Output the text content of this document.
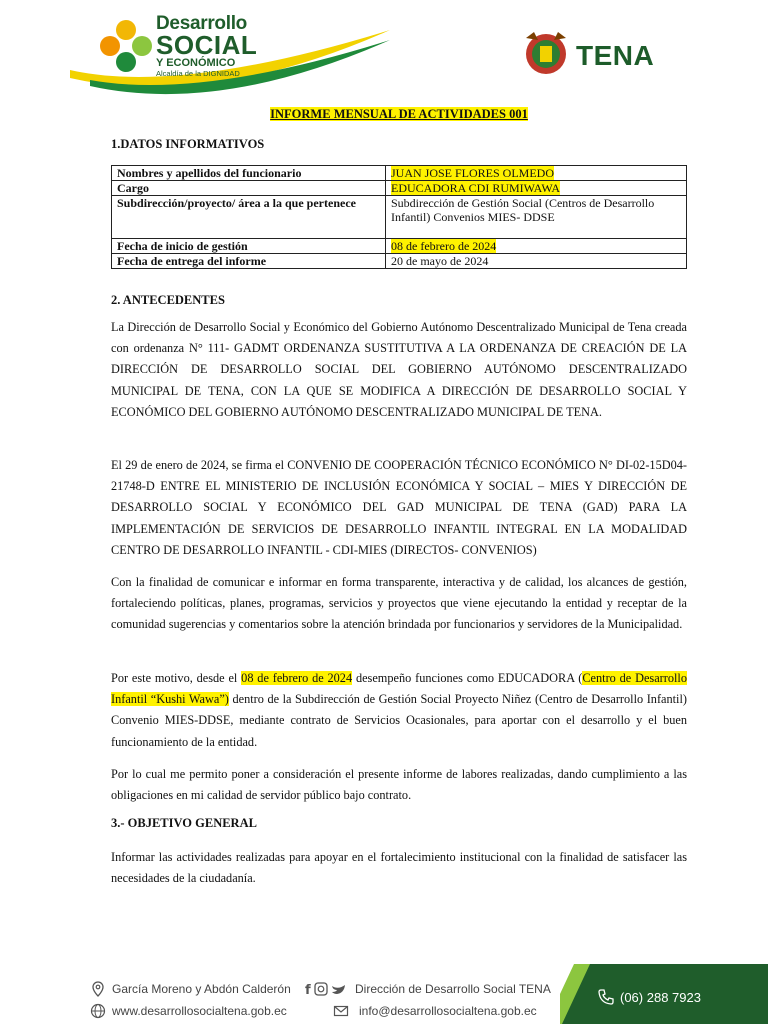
Desarrollo
SOCIAL
Y ECONÓMICO
Alcaldía de la DIGNIDAD
TENA
INFORME MENSUAL DE ACTIVIDADES 001
1.DATOS INFORMATIVOS
Nombres y apellidos del funcionario	JUAN JOSE FLORES OLMEDO
Cargo	EDUCADORA CDI RUMIWAWA
Subdirección/proyecto/ área a la que pertenece	Subdirección de Gestión Social (Centros de Desarrollo Infantil) Convenios MIES- DDSE
Fecha de inicio de gestión	08 de febrero de 2024
Fecha de entrega del informe	20 de mayo de 2024
2. ANTECEDENTES

La Dirección de Desarrollo Social y Económico del Gobierno Autónomo Descentralizado Municipal de Tena creada con ordenanza N° 111- GADMT ORDENANZA SUSTITUTIVA A LA ORDENANZA DE CREACIÓN DE LA DIRECCIÓN DE DESARROLLO SOCIAL DEL GOBIERNO AUTÓNOMO DESCENTRALIZADO MUNICIPAL DE TENA, CON LA QUE SE MODIFICA A DIRECCIÓN DE DESARROLLO SOCIAL Y ECONÓMICO DEL GOBIERNO AUTÓNOMO DESCENTRALIZADO MUNICIPAL DE TENA.

El 29 de enero de 2024, se firma el CONVENIO DE COOPERACIÓN TÉCNICO ECONÓMICO N° DI-02-15D04-21748-D ENTRE EL MINISTERIO DE INCLUSIÓN ECONÓMICA Y SOCIAL – MIES Y DIRECCIÓN DE DESARROLLO SOCIAL Y ECONÓMICO DEL GAD MUNICIPAL DE TENA (GAD) PARA LA IMPLEMENTACIÓN DE SERVICIOS DE DESARROLLO INFANTIL INTEGRAL EN LA MODALIDAD CENTRO DE DESARROLLO INFANTIL - CDI-MIES (DIRECTOS- CONVENIOS)

Con la finalidad de comunicar e informar en forma transparente, interactiva y de calidad, los alcances de gestión, fortaleciendo políticas, planes, programas, servicios y proyectos que viene ejecutando la entidad y receptar de la comunidad sugerencias y comentarios sobre la atención brindada por funcionarios y servidores de la Municipalidad.

Por este motivo, desde el 08 de febrero de 2024 desempeño funciones como EDUCADORA (Centro de Desarrollo Infantil “Kushi Wawa”) dentro de la Subdirección de Gestión Social Proyecto Niñez (Centro de Desarrollo Infantil) Convenio MIES-DDSE, mediante contrato de Servicios Ocasionales, para aportar con el desarrollo y el buen funcionamiento de la entidad.

Por lo cual me permito poner a consideración el presente informe de labores realizadas, dando cumplimiento a las obligaciones en mi calidad de servidor público bajo contrato.

3.- OBJETIVO GENERAL

Informar las actividades realizadas para apoyar en el fortalecimiento institucional con la finalidad de satisfacer las necesidades de la ciudadanía.

García Moreno y Abdón Calderón
www.desarrollosocialtena.gob.ec
f	Dirección de Desarrollo Social TENA
info@desarrollosocialtena.gob.ec
(06) 288 7923
